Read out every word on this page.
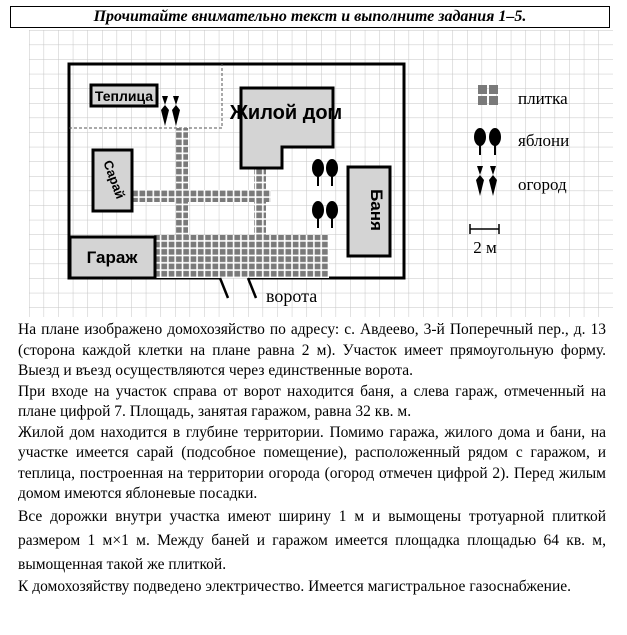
Прочитайте внимательно текст и выполните задания 1–5.
Теплица
Жилой дом
Сарай
Баня
Гараж
ворота
плитка
яблони
огород
2 м

На плане изображено домохозяйство по адресу: с. Авдеево, 3-й Поперечный пер., д. 13 (сторона каждой клетки на плане равна 2 м). Участок имеет прямоугольную форму. Выезд и въезд осуществляются через единственные ворота.

При входе на участок справа от ворот находится баня, а слева гараж, отмеченный на плане цифрой 7. Площадь, занятая гаражом, равна 32 кв. м.

Жилой дом находится в глубине территории. Помимо гаража, жилого дома и бани, на участке имеется сарай (подсобное помещение), расположенный рядом с гаражом, и теплица, построенная на территории огорода (огород отмечен цифрой 2). Перед жилым домом имеются яблоневые посадки.

Все дорожки внутри участка имеют ширину 1 м и вымощены тротуарной плиткой размером 1 м×1 м. Между баней и гаражом имеется площадка площадью 64 кв. м, вымощенная такой же плиткой.

К домохозяйству подведено электричество. Имеется магистральное газоснабжение.
